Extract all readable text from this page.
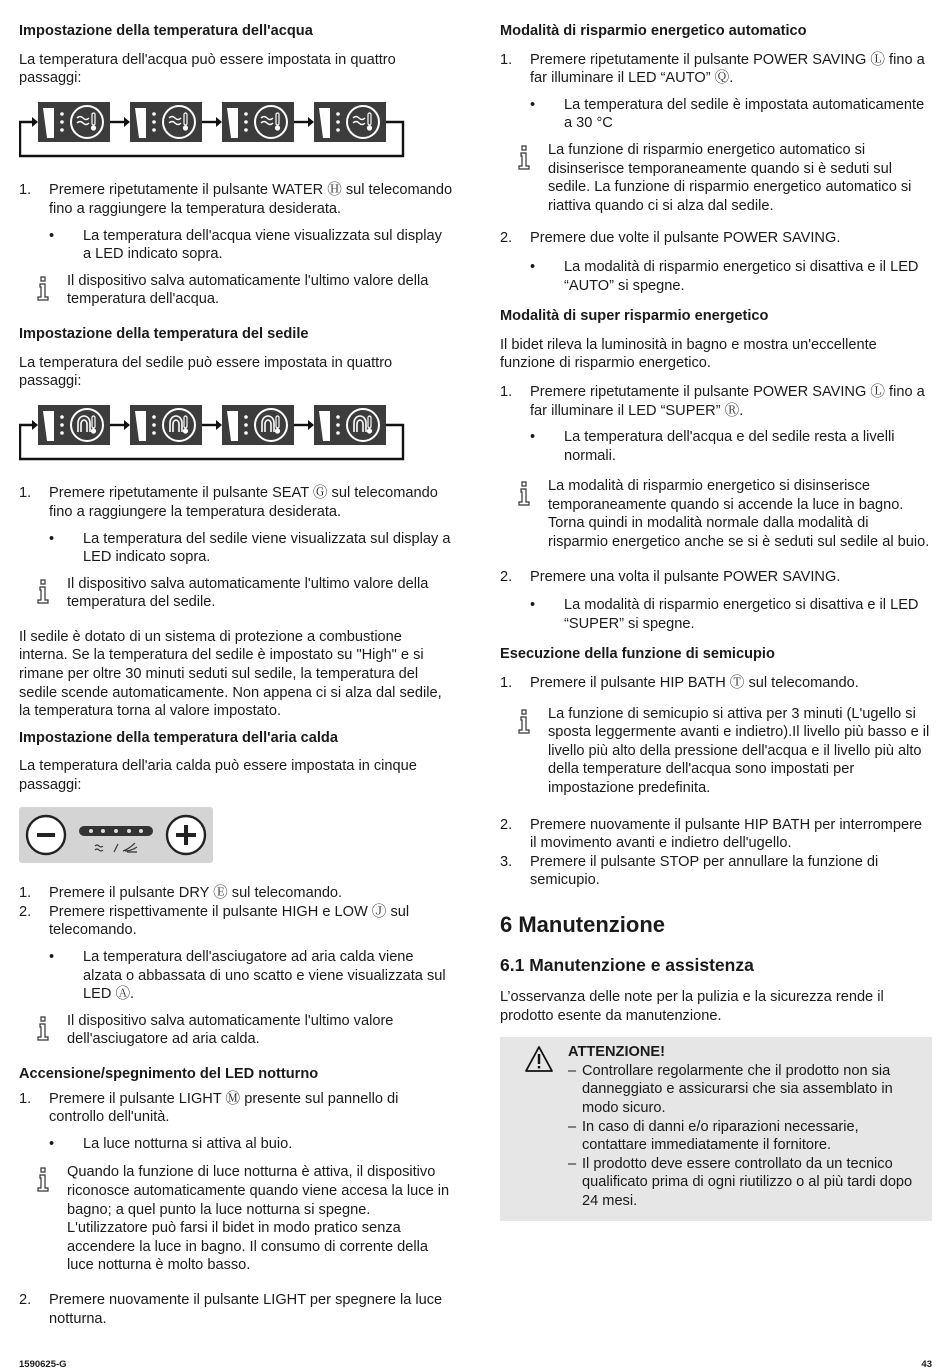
Impostazione della temperatura dell'acqua

La temperatura dell'acqua può essere impostata in quattro passaggi:

1.	Premere ripetutamente il pulsante WATER Ⓗ sul telecomando fino a raggiungere la temperatura desiderata.
•	La temperatura dell'acqua viene visualizzata sul display a LED indicato sopra.
Il dispositivo salva automaticamente l'ultimo valore della temperatura dell'acqua.
Impostazione della temperatura del sedile

La temperatura del sedile può essere impostata in quattro passaggi:

1.	Premere ripetutamente il pulsante SEAT Ⓖ sul telecomando fino a raggiungere la temperatura desiderata.
•	La temperatura del sedile viene visualizzata sul display a LED indicato sopra.
Il dispositivo salva automaticamente l'ultimo valore della temperatura del sedile.

Il sedile è dotato di un sistema di protezione a combustione interna. Se la temperatura del sedile è impostato su "High" e si rimane per oltre 30 minuti seduti sul sedile, la temperatura del sedile scende automaticamente. Non appena ci si alza dal sedile, la temperatura torna al valore impostato.

Impostazione della temperatura dell'aria calda

La temperatura dell'aria calda può essere impostata in cinque passaggi:

1.	Premere il pulsante DRY Ⓔ sul telecomando.
2.	Premere rispettivamente il pulsante HIGH e LOW Ⓙ sul telecomando.
•	La temperatura dell'asciugatore ad aria calda viene alzata o abbassata di uno scatto e viene visualizzata sul LED Ⓐ.
Il dispositivo salva automaticamente l'ultimo valore dell'asciugatore ad aria calda.
Accensione/spegnimento del LED notturno
1.	Premere il pulsante LIGHT Ⓜ presente sul pannello di controllo dell'unità.
•	La luce notturna si attiva al buio.
Quando la funzione di luce notturna è attiva, il dispositivo riconosce automaticamente quando viene accesa la luce in bagno; a quel punto la luce notturna si spegne. L'utilizzatore può farsi il bidet in modo pratico senza accendere la luce in bagno. Il consumo di corrente della luce notturna è molto basso.
2.	Premere nuovamente il pulsante LIGHT per spegnere la luce notturna.
Modalità di risparmio energetico automatico
1.	Premere ripetutamente il pulsante POWER SAVING Ⓛ fino a far illuminare il LED “AUTO” Ⓠ.
•	La temperatura del sedile è impostata automaticamente a 30 °C
La funzione di risparmio energetico automatico si disinserisce temporaneamente quando si è seduti sul sedile. La funzione di risparmio energetico automatico si riattiva quando ci si alza dal sedile.
2.	Premere due volte il pulsante POWER SAVING.
•	La modalità di risparmio energetico si disattiva e il LED “AUTO” si spegne.
Modalità di super risparmio energetico

Il bidet rileva la luminosità in bagno e mostra un'eccellente funzione di risparmio energetico.

1.	Premere ripetutamente il pulsante POWER SAVING Ⓛ fino a far illuminare il LED “SUPER” Ⓡ.
•	La temperatura dell'acqua e del sedile resta a livelli normali.
La modalità di risparmio energetico si disinserisce temporaneamente quando si accende la luce in bagno. Torna quindi in modalità normale dalla modalità di risparmio energetico anche se si è seduti sul sedile al buio.
2.	Premere una volta il pulsante POWER SAVING.
•	La modalità di risparmio energetico si disattiva e il LED “SUPER” si spegne.
Esecuzione della funzione di semicupio
1.	Premere il pulsante HIP BATH Ⓣ sul telecomando.
La funzione di semicupio si attiva per 3 minuti (L'ugello si sposta leggermente avanti e indietro).Il livello più basso e il livello più alto della pressione dell'acqua e il livello più alto della temperature dell'acqua sono impostati per impostazione predefinita.
2.	Premere nuovamente il pulsante HIP BATH per interrompere il movimento avanti e indietro dell'ugello.
3.	Premere il pulsante STOP per annullare la funzione di semicupio.
6 Manutenzione
6.1 Manutenzione e assistenza

L’osservanza delle note per la pulizia e la sicurezza rende il prodotto esente da manutenzione.

ATTENZIONE!
– Controllare regolarmente che il prodotto non sia danneggiato e assicurarsi che sia assemblato in modo sicuro.
– In caso di danni e/o riparazioni necessarie, contattare immediatamente il fornitore.
– Il prodotto deve essere controllato da un tecnico qualificato prima di ogni riutilizzo o al più tardi dopo 24 mesi.
1590625-G	43
